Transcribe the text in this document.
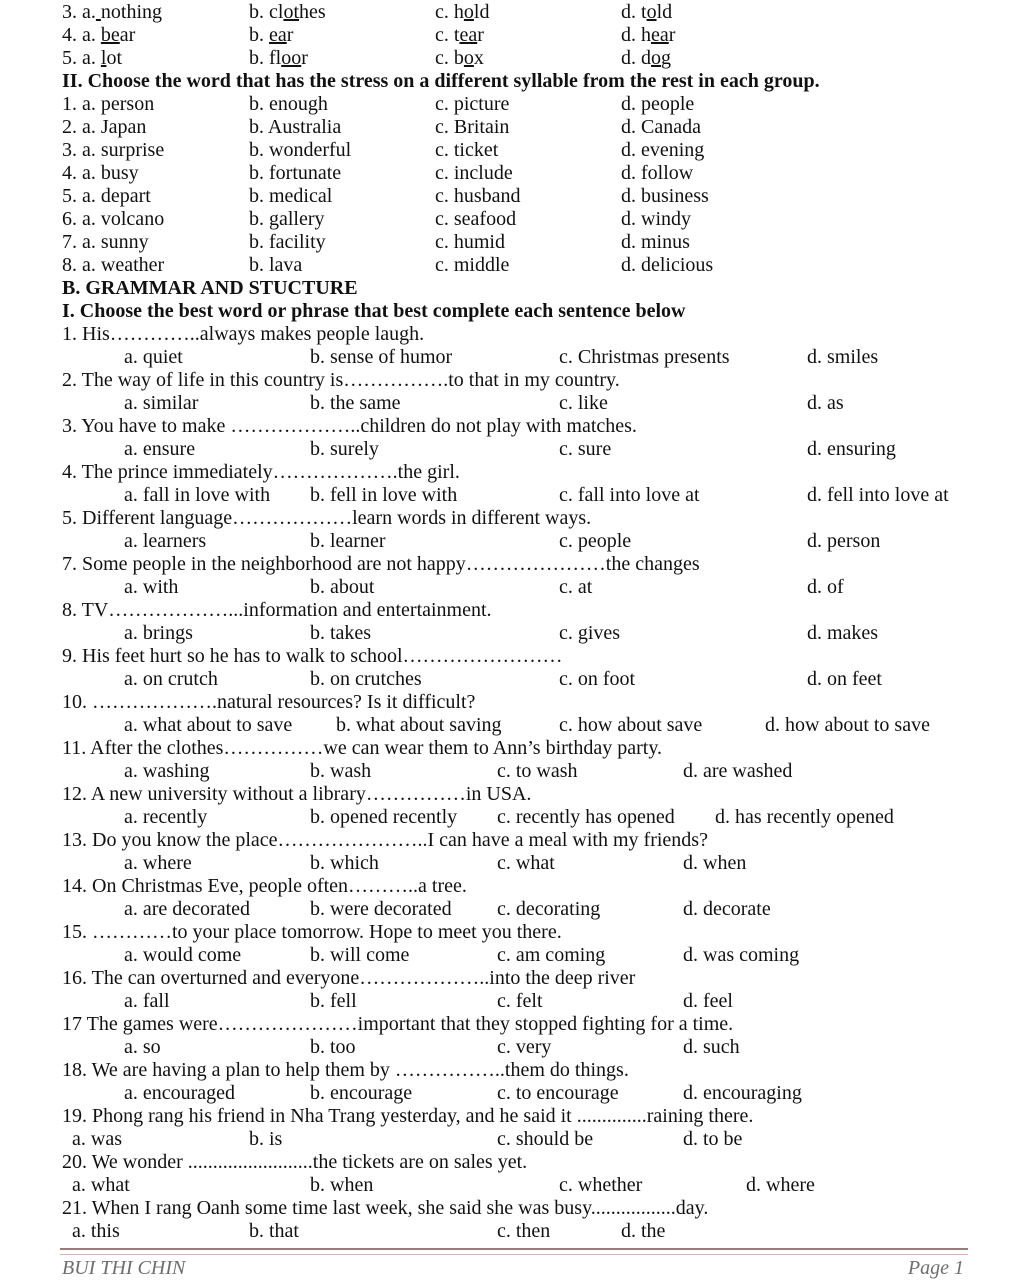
3. a. nothing	b. clothes	c. hold	d. told
4. a. bear	b. ear	c. tear	d. hear
5. a. lot	b. floor	c. box	d. dog
II. Choose the word that has the stress on a different syllable from the rest in each group.
1. a. person	b. enough	c. picture	d. people
2. a. Japan	b. Australia	c. Britain	d. Canada
3. a. surprise	b. wonderful	c. ticket	d. evening
4. a. busy	b. fortunate	c. include	d. follow
5. a. depart	b. medical	c. husband	d. business
6. a. volcano	b. gallery	c. seafood	d. windy
7. a. sunny	b. facility	c. humid	d. minus
8. a. weather	b. lava	c. middle	d. delicious
B. GRAMMAR AND STUCTURE
I. Choose the best word or phrase that best complete each sentence below
1. His…………..always makes people laugh.
a. quiet	b. sense of humor	c. Christmas presents	d. smiles
2. The way of life in this country is…………….to that in my country.
a. similar	b. the same	c. like	d. as
3. You have to make ………………..children do not play with matches.
a. ensure	b. surely	c. sure	d. ensuring
4. The prince immediately……………….the girl.
a. fall in love with b. fell in love with	c. fall into love at	d. fell into love at
5. Different language………………learn words in different ways.
a. learners	b. learner	c. people	d. person
7. Some people in the neighborhood are not happy…………………the changes
a. with	b. about	c. at	d. of
8. TV………………...information and entertainment.
a. brings	b. takes	c. gives	d. makes
9. His feet hurt so he has to walk to school……………………
a. on crutch	b. on crutches	c. on foot	d. on feet
10. ……………….natural resources? Is it difficult?
a. what about to save b. what about saving	c. how about save	d. how about to save
11. After the clothes……………we can wear them to Ann’s birthday party.
a. washing	b. wash	c. to wash	d. are washed
12. A new university without a library……………in USA.
a. recently	b. opened recently c. recently has opened d. has recently opened
13. Do you know the place…………………..I can have a meal with my friends?
a. where	b. which	c. what	d. when
14. On Christmas Eve, people often………..a tree.
a. are decorated	b. were decorated c. decorating	d. decorate
15. …………to your place tomorrow. Hope to meet you there.
a. would come	b. will come	c. am coming	d. was coming
16. The can overturned and everyone………………..into the deep river
a. fall	b. fell	c. felt	d. feel
17 The games were…………………important that they stopped fighting for a time.
a. so	b. too	c. very	d. such
18. We are having a plan to help them by ……………..them do things.
a. encouraged	b. encourage	c. to encourage	d. encouraging
19. Phong rang his friend in Nha Trang yesterday, and he said it ..............raining there.
a. was	b. is	c. should be	d. to be
20. We wonder .........................the tickets are on sales yet.
a. what	b. when	c. whether	d. where
21. When I rang Oanh some time last week, she said she was busy.................day.
a. this	b. that	c. then	d. the
BUI THI CHIN	Page 1
